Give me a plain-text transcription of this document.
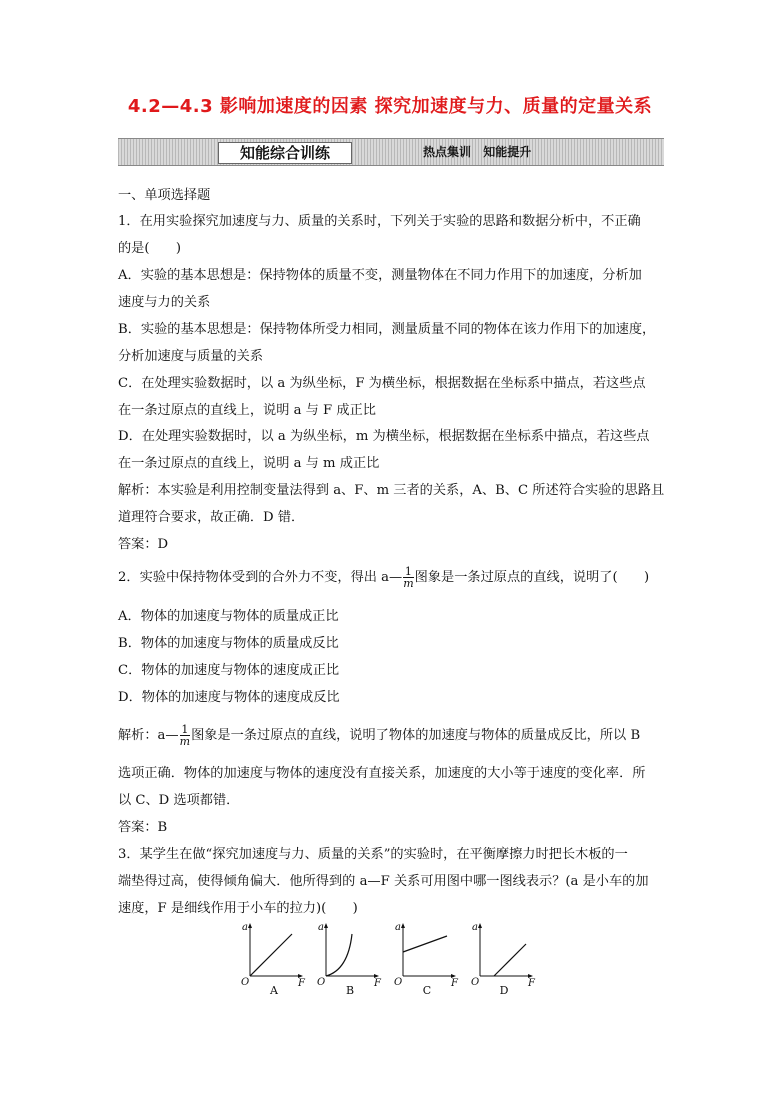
4.2—4.3 影响加速度的因素 探究加速度与力、质量的定量关系
知能综合训练	热点集训 知能提升
一、单项选择题
1．在用实验探究加速度与力、质量的关系时，下列关于实验的思路和数据分析中，不正确
的是(　　)
A．实验的基本思想是：保持物体的质量不变，测量物体在不同力作用下的加速度，分析加
速度与力的关系
B．实验的基本思想是：保持物体所受力相同，测量质量不同的物体在该力作用下的加速度，
分析加速度与质量的关系
C．在处理实验数据时，以 a 为纵坐标，F 为横坐标，根据数据在坐标系中描点，若这些点
在一条过原点的直线上，说明 a 与 F 成正比
D．在处理实验数据时，以 a 为纵坐标，m 为横坐标，根据数据在坐标系中描点，若这些点
在一条过原点的直线上，说明 a 与 m 成正比
解析：本实验是利用控制变量法得到 a、F、m 三者的关系，A、B、C 所述符合实验的思路且
道理符合要求，故正确．D 错．
答案：D
2．实验中保持物体受到的合外力不变，得出 a— $\frac{1}{m}$ 图象是一条过原点的直线，说明了(　　)
A．物体的加速度与物体的质量成正比
B．物体的加速度与物体的质量成反比
C．物体的加速度与物体的速度成正比
D．物体的加速度与物体的速度成反比
解析：a— $\frac{1}{m}$ 图象是一条过原点的直线，说明了物体的加速度与物体的质量成反比，所以 B
选项正确．物体的加速度与物体的速度没有直接关系，加速度的大小等于速度的变化率．所
以 C、D 选项都错．
答案：B
3．某学生在做“探究加速度与力、质量的关系”的实验时，在平衡摩擦力时把长木板的一
端垫得过高，使得倾角偏大．他所得到的 a—F 关系可用图中哪一图线表示？(a 是小车的加
速度，F 是细线作用于小车的拉力)(　　)
a
O	F
A
a
O	F
B
a
O	F
C
a
O	F
D
